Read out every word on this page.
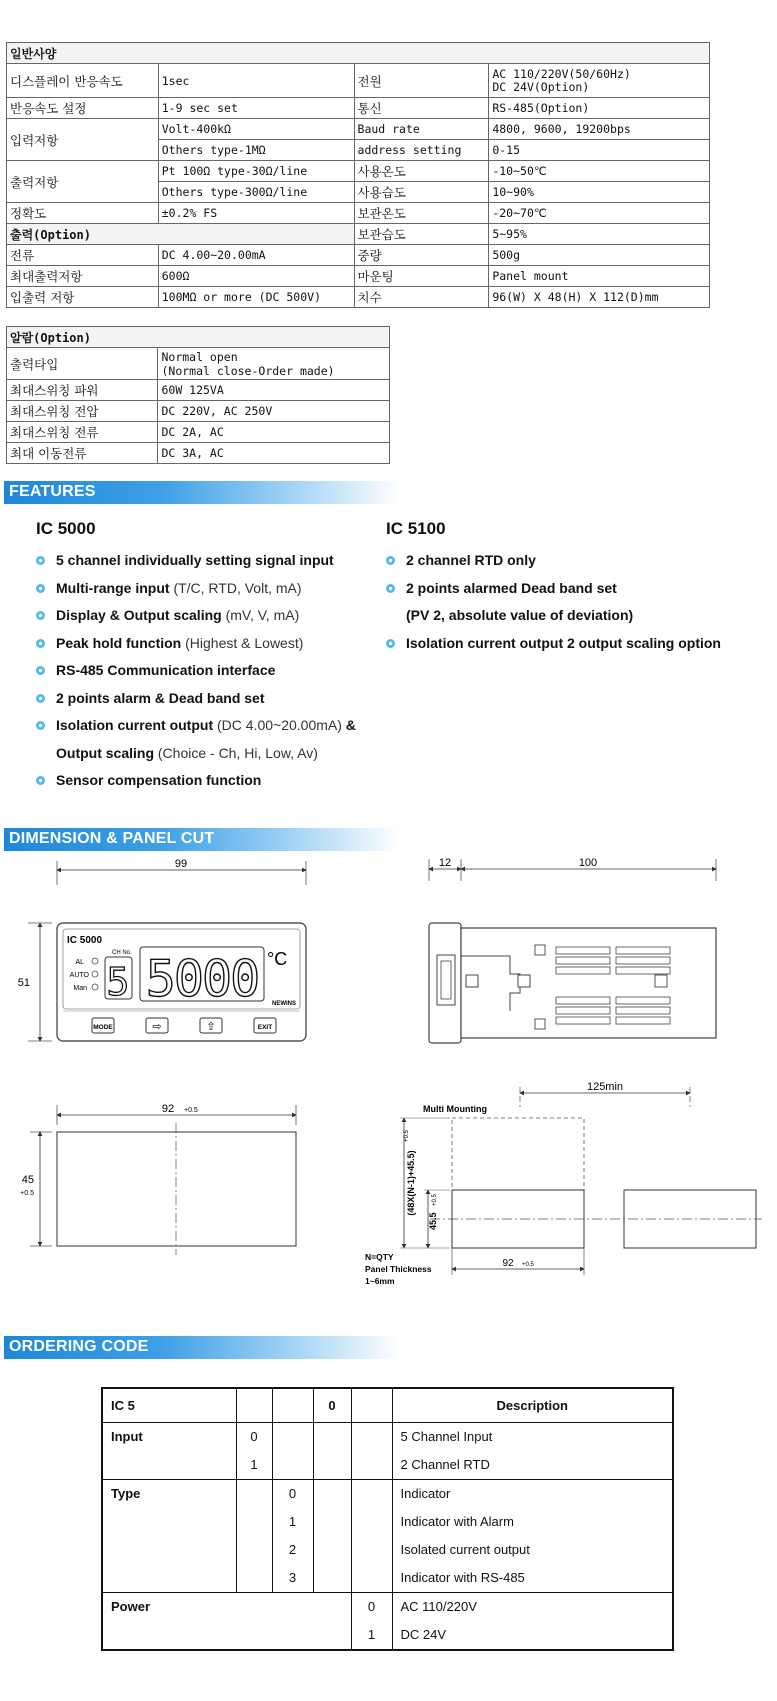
일반사양			
디스플레이 반응속도	1sec	전원	AC 110/220V(50/60Hz)
DC 24V(Option)
반응속도 설정	1-9 sec set	통신	RS-485(Option)
입력저항	Volt-400kΩ	Baud rate	4800, 9600, 19200bps
	Others type-1MΩ	address setting	0-15
출력저항	Pt 100Ω type-30Ω/line	사용온도	-10~50℃
	Others type-300Ω/line	사용습도	10~90%
정확도	±0.2% FS	보관온도	-20~70℃
출력(Option)		보관습도	5~95%
전류	DC 4.00~20.00mA	중량	500g
최대출력저항	600Ω	마운팅	Panel mount
입출력 저항	100MΩ or more (DC 500V)	치수	96(W) X 48(H) X 112(D)mm
알람(Option)	
출력타입	Normal open
(Normal close-Order made)
최대스위칭 파워	60W 125VA
최대스위칭 전압	DC 220V, AC 250V
최대스위칭 전류	DC 2A, AC
최대 이동전류	DC 3A, AC
FEATURES
IC 5000
5 channel individually setting signal input
Multi-range input (T/C, RTD, Volt, mA)
Display & Output scaling (mV, V, mA)
Peak hold function (Highest & Lowest)
RS-485 Communication interface
2 points alarm & Dead band set
Isolation current output (DC 4.00~20.00mA) &
Output scaling (Choice - Ch, Hi, Low, Av)
Sensor compensation function
IC 5100
2 channel RTD only
2 points alarmed Dead band set
(PV 2, absolute value of deviation)
Isolation current output 2 output scaling option
DIMENSION & PANEL CUT
99
51
IC 5000
AL
AUTO
Man
CH No.
5 5000 °C
NEWINS
MODE	⇨	⇧	EXIT
12	100
92 +0.5
45
+0.5
125min
Multi Mounting
(48X(N-1)+45.5)
+0.5
45.5
+0.5
92 +0.5
N=QTY
Panel Thickness
1~6mm
ORDERING CODE
IC 5			0		Description
Input	0				5 Channel Input
	1				2 Channel RTD
Type		0			Indicator
		1			Indicator with Alarm
		2			Isolated current output
		3			Indicator with RS-485
Power				0	AC 110/220V
				1	DC 24V
